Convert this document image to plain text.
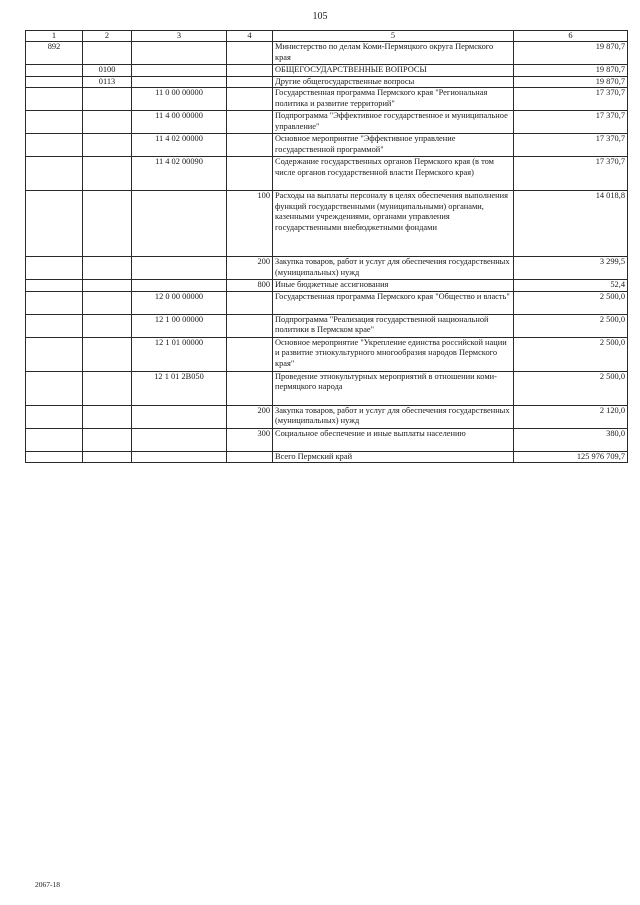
105
1	2	3	4	5	6
892				Министерство по делам Коми-Пермяцкого округа Пермского края	19 870,7
	0100			ОБЩЕГОСУДАРСТВЕННЫЕ ВОПРОСЫ	19 870,7
	0113			Другие общегосударственные вопросы	19 870,7
		11 0 00 00000		Государственная программа Пермского края "Региональная политика и развитие территорий"	17 370,7
		11 4 00 00000		Подпрограмма "Эффективное государственное и муниципальное управление"	17 370,7
		11 4 02 00000		Основное мероприятие "Эффективное управление государственной программой"	17 370,7
		11 4 02 00090		Содержание государственных органов Пермского края (в том числе органов государственной власти Пермского края)	17 370,7
			100	Расходы на выплаты персоналу в целях обеспечения выполнения функций государственными (муниципальными) органами, казенными учреждениями, органами управления государственными внебюджетными фондами	14 018,8
			200	Закупка товаров, работ и услуг для обеспечения государственных (муниципальных) нужд	3 299,5
			800	Иные бюджетные ассигнования	52,4
		12 0 00 00000		Государственная программа Пермского края "Общество и власть"	2 500,0
		12 1 00 00000		Подпрограмма "Реализация государственной национальной политики в Пермском крае"	2 500,0
		12 1 01 00000		Основное мероприятие "Укрепление единства российской нации и развитие этнокультурного многообразия народов Пермского края"	2 500,0
		12 1 01 2В050		Проведение этнокультурных мероприятий в отношении коми-пермяцкого народа	2 500,0
			200	Закупка товаров, работ и услуг для обеспечения государственных (муниципальных) нужд	2 120,0
			300	Социальное обеспечение и иные выплаты населению	380,0
				Всего Пермский край	125 976 709,7
2067-18
